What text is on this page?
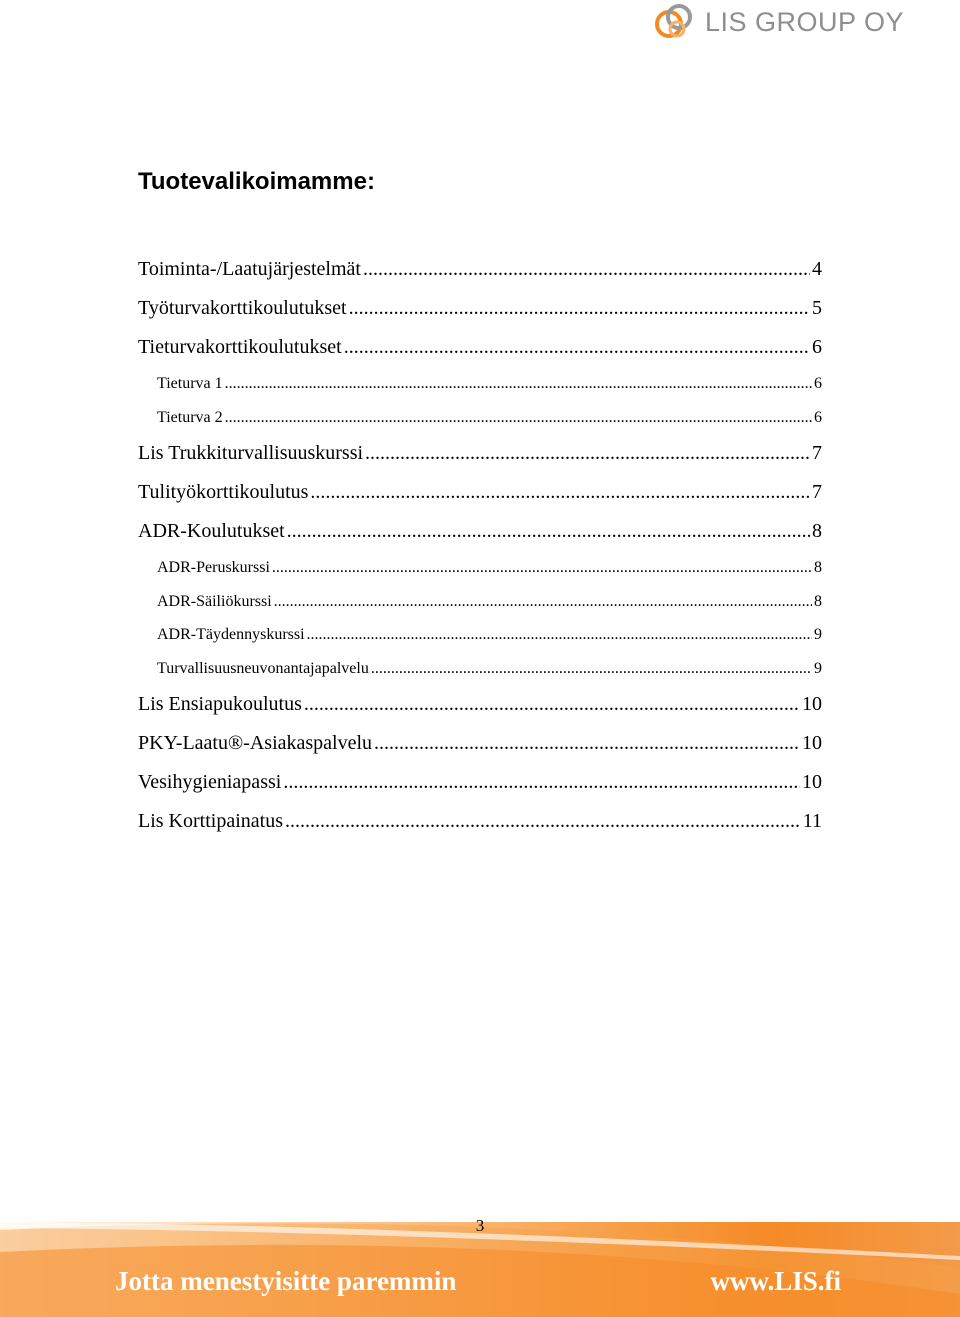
LIS GROUP OY
Tuotevalikoimamme:
Toiminta-/Laatujärjestelmät .....	4
Työturvakorttikoulutukset .....	5
Tieturvakorttikoulutukset .....	6
Tieturva 1 .....	6
Tieturva 2 .....	6
Lis Trukkiturvallisuuskurssi .....	7
Tulityökorttikoulutus .....	7
ADR-Koulutukset .....	8
ADR-Peruskurssi .....	8
ADR-Säiliökurssi .....	8
ADR-Täydennyskurssi .....	9
Turvallisuusneuvonantajapalvelu .....	9
Lis Ensiapukoulutus .....	10
PKY-Laatu®-Asiakaspalvelu .....	10
Vesihygieniapassi .....	10
Lis Korttipainatus .....	11
3
Jotta menestyisitte paremmin	www.LIS.fi
